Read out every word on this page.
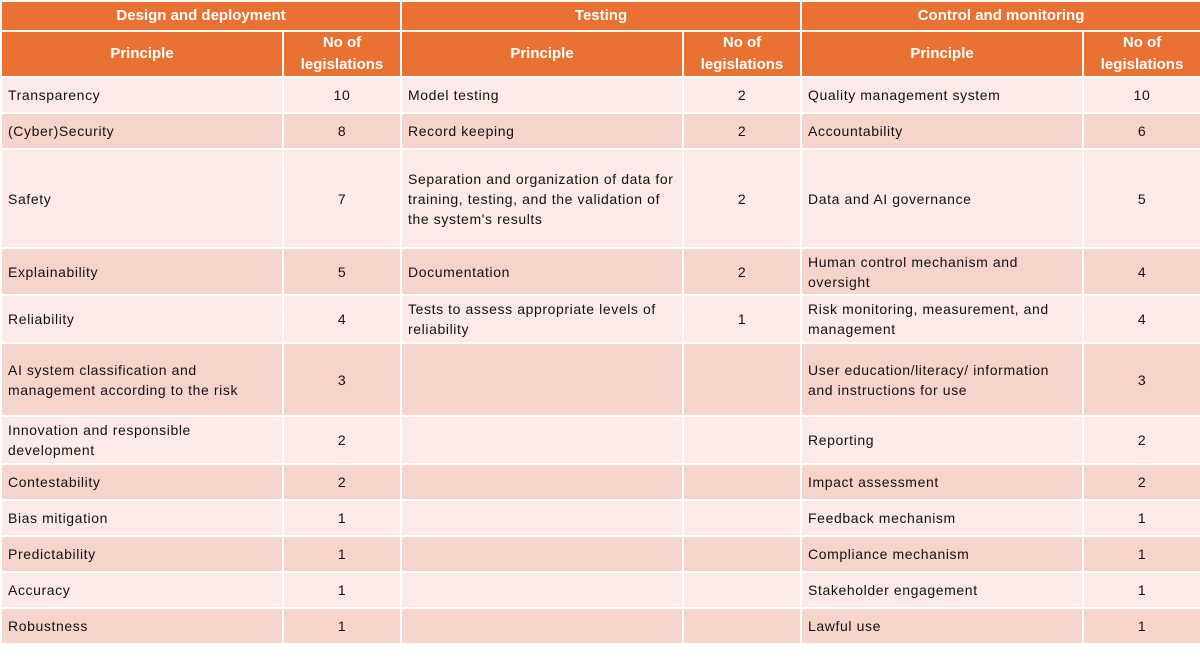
Design and deployment		Testing		Control and monitoring	
Principle	No of legislations	Principle	No of legislations	Principle	No of legislations
Transparency	10	Model testing	2	Quality management system	10
(Cyber)Security	8	Record keeping	2	Accountability	6
Safety	7	Separation and organization of data for training, testing, and the validation of the system's results	2	Data and AI governance	5
Explainability	5	Documentation	2	Human control mechanism and oversight	4
Reliability	4	Tests to assess appropriate levels of reliability	1	Risk monitoring, measurement, and management	4
AI system classification and management according to the risk	3			User education/literacy/ information and instructions for use	3
Innovation and responsible development	2			Reporting	2
Contestability	2			Impact assessment	2
Bias mitigation	1			Feedback mechanism	1
Predictability	1			Compliance mechanism	1
Accuracy	1			Stakeholder engagement	1
Robustness	1			Lawful use	1
